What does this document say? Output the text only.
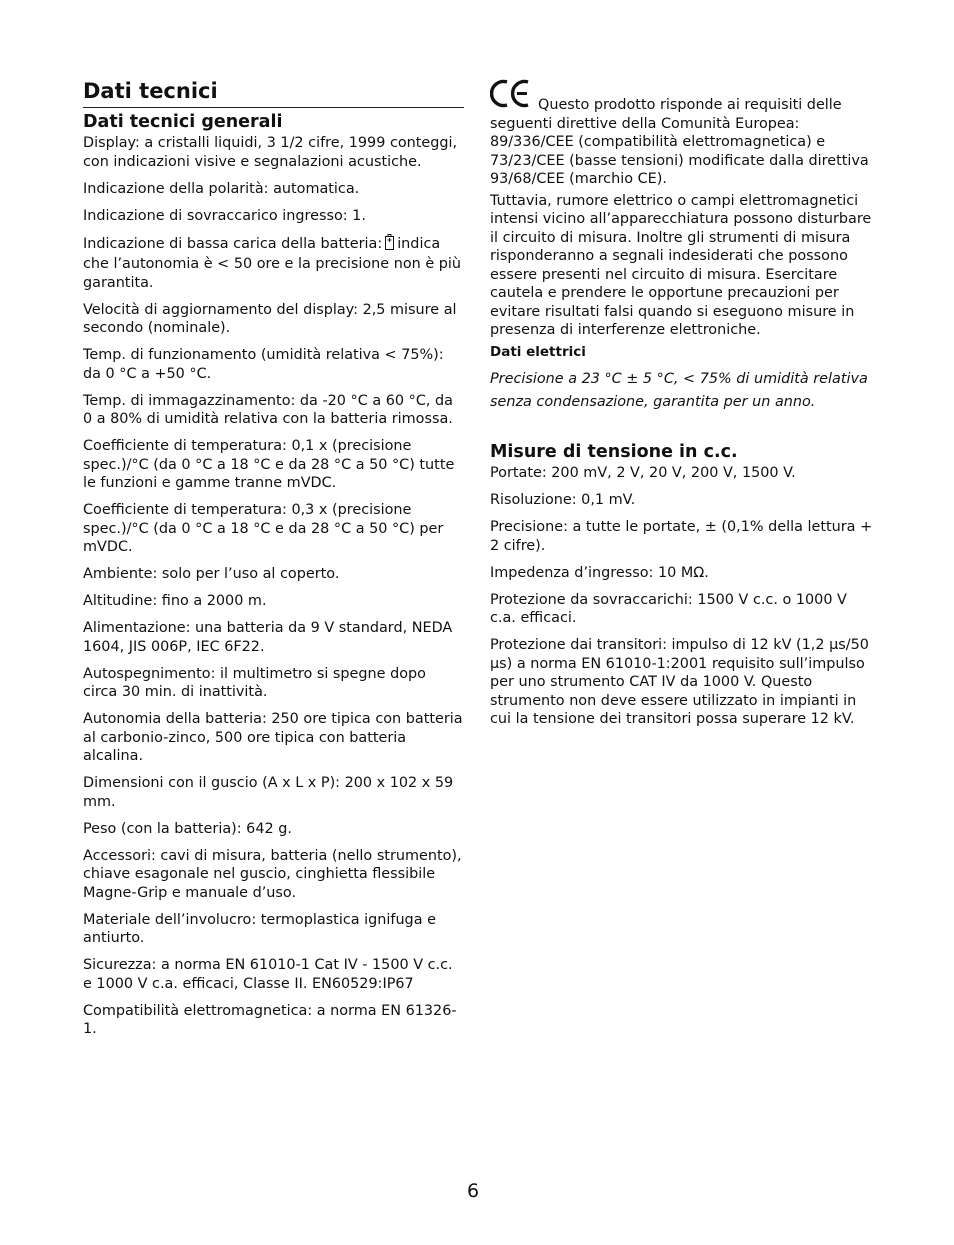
Dati tecnici
Dati tecnici generali

Display: a cristalli liquidi, 3 1/2 cifre, 1999 conteggi, con indicazioni visive e segnalazioni acustiche.

Indicazione della polarità: automatica.

Indicazione di sovraccarico ingresso: 1.

Indicazione di bassa carica della batteria: indica che l’autonomia è < 50 ore e la precisione non è più garantita.

Velocità di aggiornamento del display: 2,5 misure al secondo (nominale).

Temp. di funzionamento (umidità relativa < 75%): da 0 °C a +50 °C.

Temp. di immagazzinamento: da -20 °C a 60 °C, da 0 a 80% di umidità relativa con la batteria rimossa.

Coefficiente di temperatura: 0,1 x (precisione spec.)/°C (da 0 °C a 18 °C e da 28 °C a 50 °C) tutte le funzioni e gamme tranne mVDC.

Coefficiente di temperatura: 0,3 x (precisione spec.)/°C (da 0 °C a 18 °C e da 28 °C a 50 °C) per mVDC.

Ambiente: solo per l’uso al coperto.

Altitudine: fino a 2000 m.

Alimentazione: una batteria da 9 V standard, NEDA 1604, JIS 006P, IEC 6F22.

Autospegnimento: il multimetro si spegne dopo circa 30 min. di inattività.

Autonomia della batteria: 250 ore tipica con batteria al carbonio-zinco, 500 ore tipica con batteria alcalina.

Dimensioni con il guscio (A x L x P): 200 x 102 x 59 mm.

Peso (con la batteria): 642 g.

Accessori: cavi di misura, batteria (nello strumento), chiave esagonale nel guscio, cinghietta flessibile Magne-Grip e manuale d’uso.

Materiale dell’involucro: termoplastica ignifuga e antiurto.

Sicurezza: a norma EN 61010-1 Cat IV - 1500 V c.c. e 1000 V c.a. efficaci, Classe II. EN60529:IP67

Compatibilità elettromagnetica: a norma EN 61326-1.

Questo prodotto risponde ai requisiti delle seguenti direttive della Comunità Europea: 89/336/CEE (compatibilità elettromagnetica) e 73/23/CEE (basse tensioni) modificate dalla direttiva 93/68/CEE (marchio CE).

Tuttavia, rumore elettrico o campi elettromagnetici intensi vicino all’apparecchiatura possono disturbare il circuito di misura. Inoltre gli strumenti di misura risponderanno a segnali indesiderati che possono essere presenti nel circuito di misura. Esercitare cautela e prendere le opportune precauzioni per evitare risultati falsi quando si eseguono misure in presenza di interferenze elettroniche.

Dati elettrici

Precisione a 23 °C ± 5 °C, < 75% di umidità relativa senza condensazione, garantita per un anno.

Misure di tensione in c.c.

Portate: 200 mV, 2 V, 20 V, 200 V, 1500 V.

Risoluzione: 0,1 mV.

Precisione: a tutte le portate, ± (0,1% della lettura + 2 cifre).

Impedenza d’ingresso: 10 MΩ.

Protezione da sovraccarichi: 1500 V c.c. o 1000 V c.a. efficaci.

Protezione dai transitori: impulso di 12 kV (1,2 µs/50 µs) a norma EN 61010-1:2001 requisito sull’impulso per uno strumento CAT IV da 1000 V. Questo strumento non deve essere utilizzato in impianti in cui la tensione dei transitori possa superare 12 kV.

6
